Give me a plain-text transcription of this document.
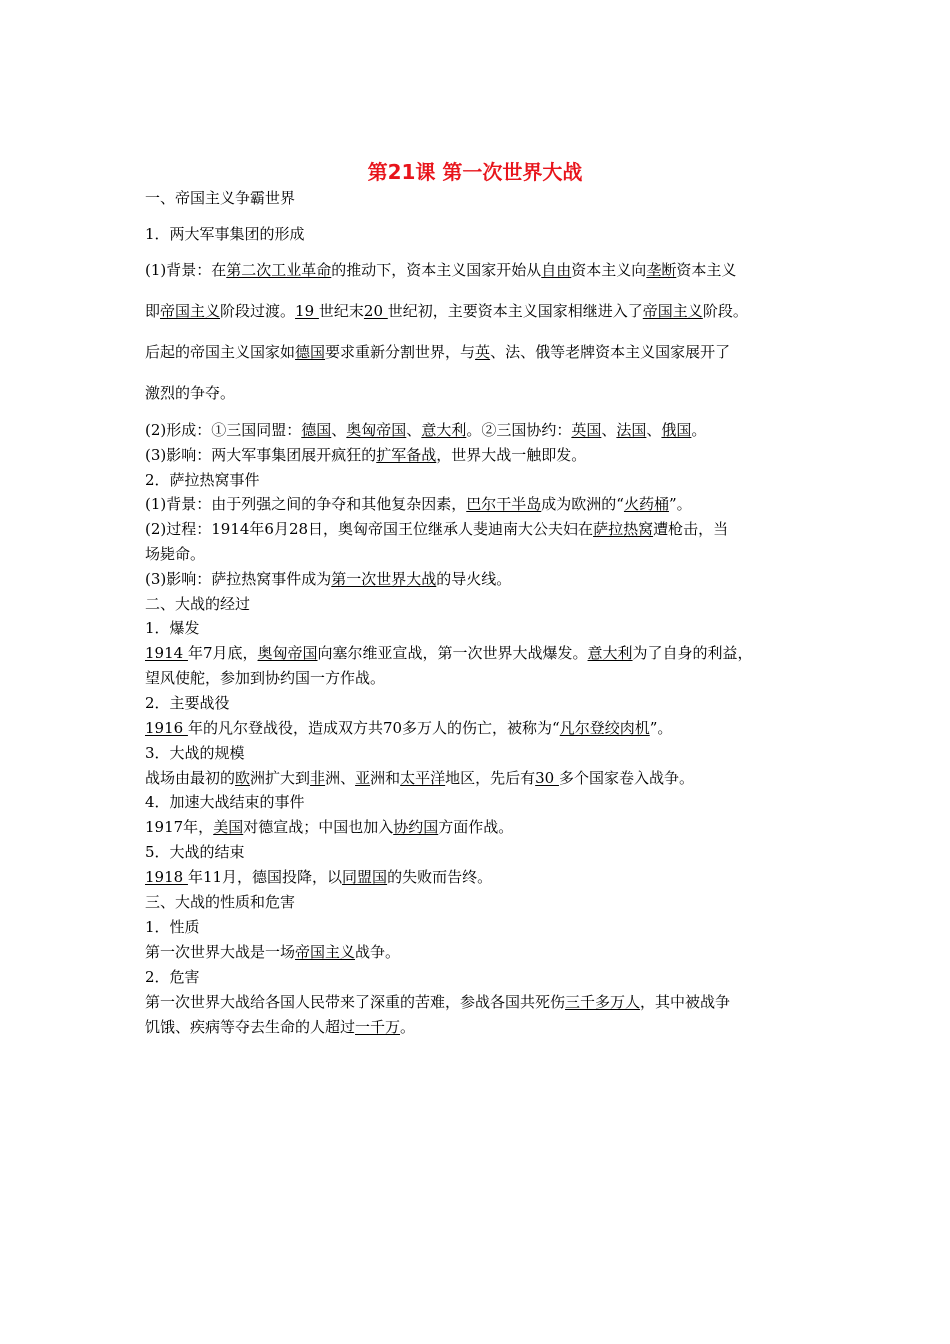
第21课 第一次世界大战
一、帝国主义争霸世界
1．两大军事集团的形成
(1)背景：在第二次工业革命的推动下，资本主义国家开始从自由资本主义向垄断资本主义
即帝国主义阶段过渡。19 世纪末20 世纪初，主要资本主义国家相继进入了帝国主义阶段。
后起的帝国主义国家如德国要求重新分割世界，与英、法、俄等老牌资本主义国家展开了
激烈的争夺。
(2)形成：①三国同盟：德国、奥匈帝国、意大利。②三国协约：英国、法国、俄国。
(3)影响：两大军事集团展开疯狂的扩军备战，世界大战一触即发。
2．萨拉热窝事件
(1)背景：由于列强之间的争夺和其他复杂因素，巴尔干半岛成为欧洲的“火药桶”。
(2)过程：1914年6月28日，奥匈帝国王位继承人斐迪南大公夫妇在萨拉热窝遭枪击，当
场毙命。
(3)影响：萨拉热窝事件成为第一次世界大战的导火线。
二、大战的经过
1．爆发
1914 年7月底，奥匈帝国向塞尔维亚宣战，第一次世界大战爆发。意大利为了自身的利益，
望风使舵，参加到协约国一方作战。
2．主要战役
1916 年的凡尔登战役，造成双方共70多万人的伤亡，被称为“凡尔登绞肉机”。
3．大战的规模
战场由最初的欧洲扩大到非洲、亚洲和太平洋地区，先后有30 多个国家卷入战争。
4．加速大战结束的事件
1917年，美国对德宣战；中国也加入协约国方面作战。
5．大战的结束
1918 年11月，德国投降，以同盟国的失败而告终。
三、大战的性质和危害
1．性质
第一次世界大战是一场帝国主义战争。
2．危害
第一次世界大战给各国人民带来了深重的苦难，参战各国共死伤三千多万人，其中被战争
饥饿、疾病等夺去生命的人超过一千万。
